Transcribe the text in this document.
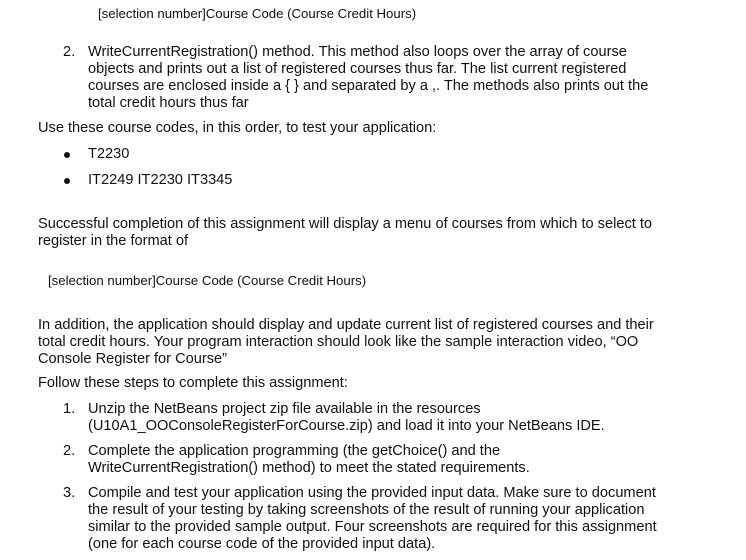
[selection number]Course Code (Course Credit Hours)
2. WriteCurrentRegistration() method. This method also loops over the array of course
objects and prints out a list of registered courses thus far. The list current registered
courses are enclosed inside a { } and separated by a ,. The methods also prints out the
total credit hours thus far
Use these course codes, in this order, to test your application:
T2230
IT2249 IT2230 IT3345
Successful completion of this assignment will display a menu of courses from which to select to
register in the format of
[selection number]Course Code (Course Credit Hours)
In addition, the application should display and update current list of registered courses and their
total credit hours. Your program interaction should look like the sample interaction video, “OO
Console Register for Course”
Follow these steps to complete this assignment:
1. Unzip the NetBeans project zip file available in the resources
(U10A1_OOConsoleRegisterForCourse.zip) and load it into your NetBeans IDE.
2. Complete the application programming (the getChoice() and the
WriteCurrentRegistration() method) to meet the stated requirements.
3. Compile and test your application using the provided input data. Make sure to document
the result of your testing by taking screenshots of the result of running your application
similar to the provided sample output. Four screenshots are required for this assignment
(one for each course code of the provided input data).
